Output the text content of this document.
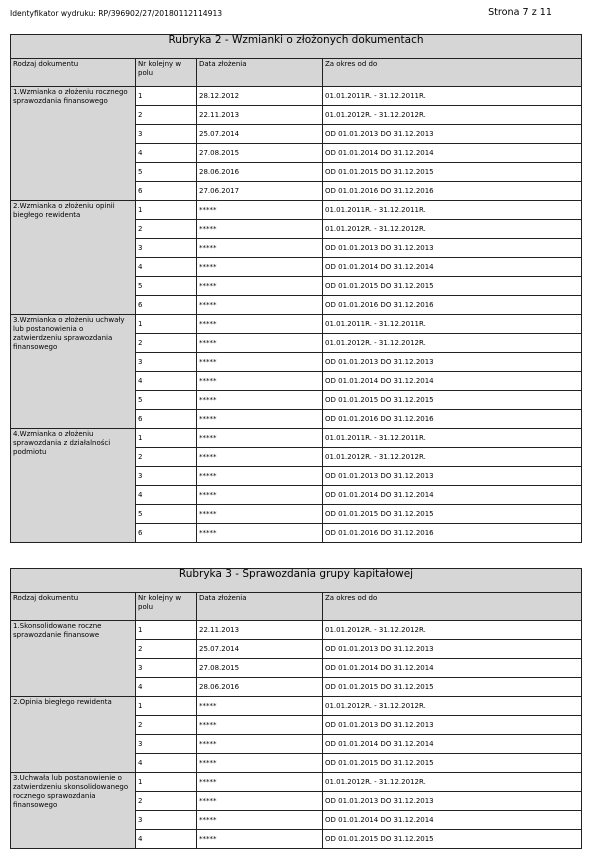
Identyfikator wydruku: RP/396902/27/20180112114913	Strona 7 z 11
Rubryka 2 - Wzmianki o złożonych dokumentach			
Rodzaj dokumentu	Nr kolejny w polu	Data złożenia	Za okres od do
1.Wzmianka o złożeniu rocznego sprawozdania finansowego	1	28.12.2012	01.01.2011R. - 31.12.2011R.
	2	22.11.2013	01.01.2012R. - 31.12.2012R.
	3	25.07.2014	OD 01.01.2013 DO 31.12.2013
	4	27.08.2015	OD 01.01.2014 DO 31.12.2014
	5	28.06.2016	OD 01.01.2015 DO 31.12.2015
	6	27.06.2017	OD 01.01.2016 DO 31.12.2016
2.Wzmianka o złożeniu opinii biegłego rewidenta	1	*****	01.01.2011R. - 31.12.2011R.
	2	*****	01.01.2012R. - 31.12.2012R.
	3	*****	OD 01.01.2013 DO 31.12.2013
	4	*****	OD 01.01.2014 DO 31.12.2014
	5	*****	OD 01.01.2015 DO 31.12.2015
	6	*****	OD 01.01.2016 DO 31.12.2016
3.Wzmianka o złożeniu uchwały lub postanowienia o zatwierdzeniu sprawozdania finansowego	1	*****	01.01.2011R. - 31.12.2011R.
	2	*****	01.01.2012R. - 31.12.2012R.
	3	*****	OD 01.01.2013 DO 31.12.2013
	4	*****	OD 01.01.2014 DO 31.12.2014
	5	*****	OD 01.01.2015 DO 31.12.2015
	6	*****	OD 01.01.2016 DO 31.12.2016
4.Wzmianka o złożeniu sprawozdania z działalności podmiotu	1	*****	01.01.2011R. - 31.12.2011R.
	2	*****	01.01.2012R. - 31.12.2012R.
	3	*****	OD 01.01.2013 DO 31.12.2013
	4	*****	OD 01.01.2014 DO 31.12.2014
	5	*****	OD 01.01.2015 DO 31.12.2015
	6	*****	OD 01.01.2016 DO 31.12.2016
Rubryka 3 - Sprawozdania grupy kapitałowej			
Rodzaj dokumentu	Nr kolejny w polu	Data złożenia	Za okres od do
1.Skonsolidowane roczne sprawozdanie finansowe	1	22.11.2013	01.01.2012R. - 31.12.2012R.
	2	25.07.2014	OD 01.01.2013 DO 31.12.2013
	3	27.08.2015	OD 01.01.2014 DO 31.12.2014
	4	28.06.2016	OD 01.01.2015 DO 31.12.2015
2.Opinia biegłego rewidenta	1	*****	01.01.2012R. - 31.12.2012R.
	2	*****	OD 01.01.2013 DO 31.12.2013
	3	*****	OD 01.01.2014 DO 31.12.2014
	4	*****	OD 01.01.2015 DO 31.12.2015
3.Uchwała lub postanowienie o zatwierdzeniu skonsolidowanego rocznego sprawozdania finansowego	1	*****	01.01.2012R. - 31.12.2012R.
	2	*****	OD 01.01.2013 DO 31.12.2013
	3	*****	OD 01.01.2014 DO 31.12.2014
	4	*****	OD 01.01.2015 DO 31.12.2015
